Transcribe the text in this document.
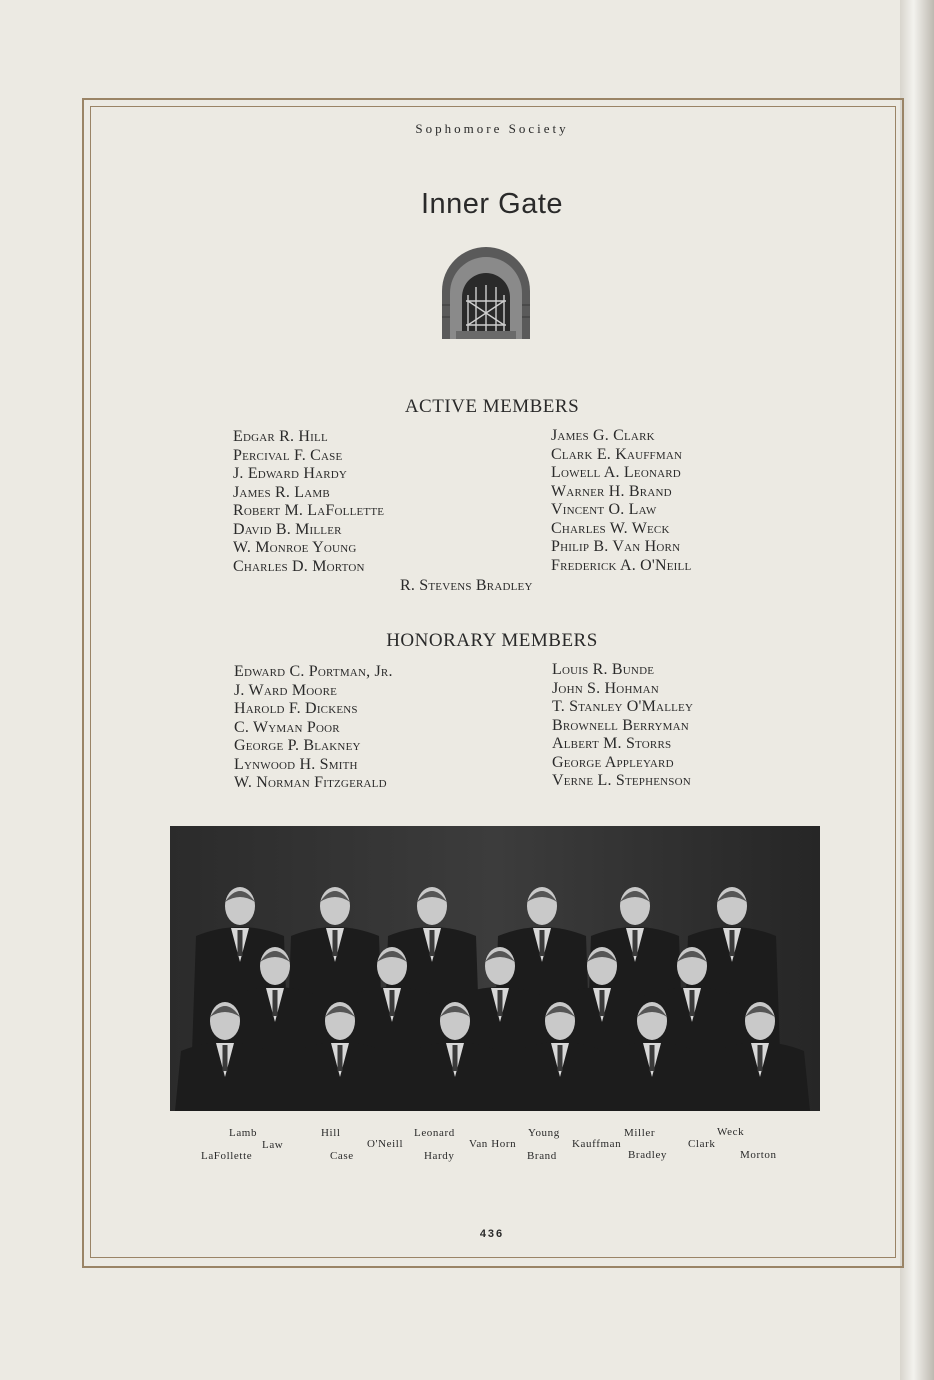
Sophomore Society
Inner Gate
ACTIVE MEMBERS
Edgar R. Hill
Percival F. Case
J. Edward Hardy
James R. Lamb
Robert M. LaFollette
David B. Miller
W. Monroe Young
Charles D. Morton
James G. Clark
Clark E. Kauffman
Lowell A. Leonard
Warner H. Brand
Vincent O. Law
Charles W. Weck
Philip B. Van Horn
Frederick A. O'Neill
R. Stevens Bradley
HONORARY MEMBERS
Edward C. Portman, Jr.
J. Ward Moore
Harold F. Dickens
C. Wyman Poor
George P. Blakney
Lynwood H. Smith
W. Norman Fitzgerald
Louis R. Bunde
John S. Hohman
T. Stanley O'Malley
Brownell Berryman
Albert M. Storrs
George Appleyard
Verne L. Stephenson
Lamb
Law
LaFollette
Hill
Case
O'Neill
Leonard
Hardy
Van Horn
Young
Brand
Kauffman
Miller
Bradley
Clark
Weck
Morton
436
